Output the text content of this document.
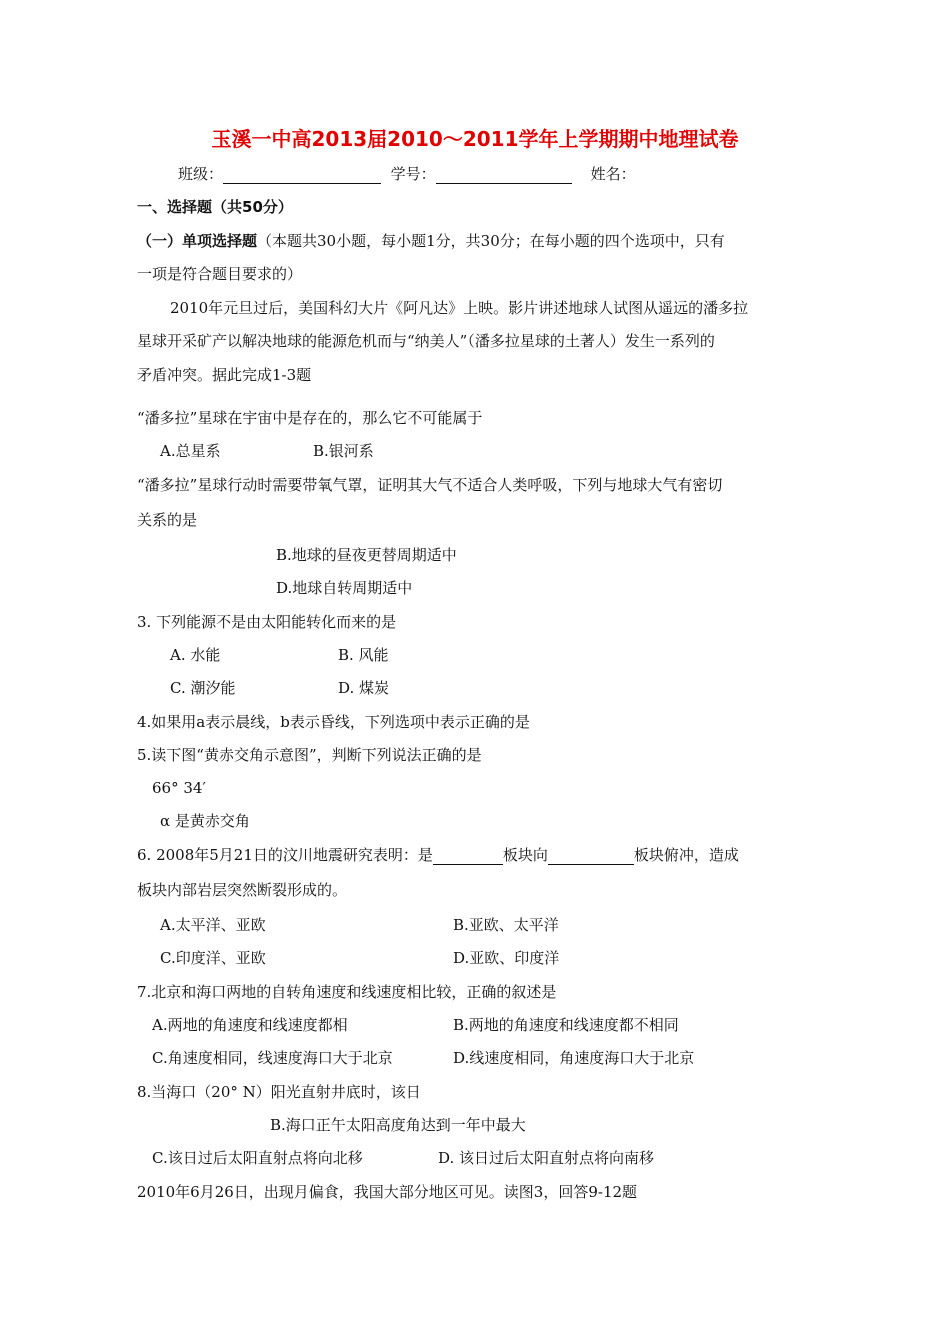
玉溪一中高2013届2010～2011学年上学期期中地理试卷
班级：	学号：	姓名：
一、选择题（共50分）
（一）单项选择题（本题共30小题，每小题1分，共30分；在每小题的四个选项中，只有
一项是符合题目要求的）
2010年元旦过后，美国科幻大片《阿凡达》上映。影片讲述地球人试图从遥远的潘多拉
星球开采矿产以解决地球的能源危机而与“纳美人”（潘多拉星球的土著人）发生一系列的
矛盾冲突。据此完成1-3题
“潘多拉”星球在宇宙中是存在的，那么它不可能属于
A.总星系	B.银河系
“潘多拉”星球行动时需要带氧气罩，证明其大气不适合人类呼吸，下列与地球大气有密切
关系的是
B.地球的昼夜更替周期适中
D.地球自转周期适中
3. 下列能源不是由太阳能转化而来的是
A. 水能	B. 风能
C. 潮汐能	D. 煤炭
4.如果用a表示晨线，b表示昏线，下列选项中表示正确的是
5.读下图“黄赤交角示意图”，判断下列说法正确的是
66° 34′
α 是黄赤交角
6. 2008年5月21日的汶川地震研究表明：是	板块向	板块俯冲，造成
板块内部岩层突然断裂形成的。
A.太平洋、亚欧	B.亚欧、太平洋
C.印度洋、亚欧	D.亚欧、印度洋
7.北京和海口两地的自转角速度和线速度相比较，正确的叙述是
A.两地的角速度和线速度都相	B.两地的角速度和线速度都不相同
C.角速度相同，线速度海口大于北京	D.线速度相同，角速度海口大于北京
8.当海口（20° N）阳光直射井底时，该日
B.海口正午太阳高度角达到一年中最大
C.该日过后太阳直射点将向北移	D. 该日过后太阳直射点将向南移
2010年6月26日，出现月偏食，我国大部分地区可见。读图3，回答9-12题
